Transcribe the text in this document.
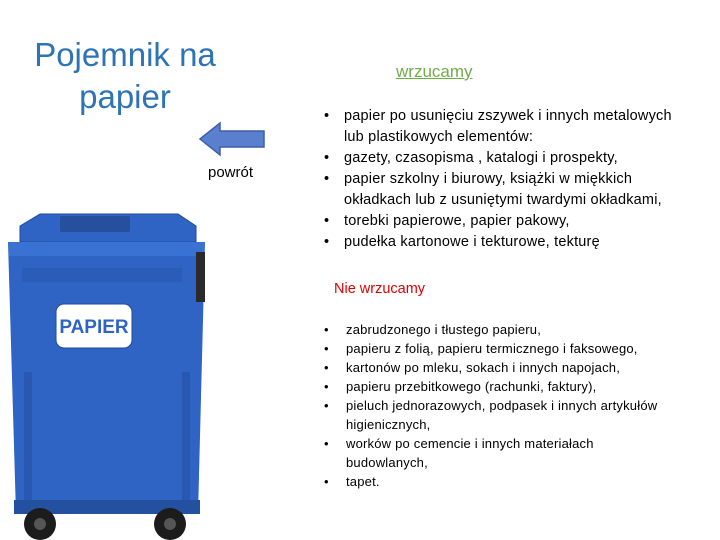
Pojemnik na papier
powrót
PAPIER
wrzucamy
• papier po usunięciu zszywek i innych metalowych lub plastikowych elementów:
• gazety, czasopisma , katalogi i prospekty,
• papier szkolny i biurowy, książki w miękkich okładkach lub z usuniętymi twardymi okładkami,
• torebki papierowe, papier pakowy,
• pudełka kartonowe i tekturowe, tekturę
Nie wrzucamy
• zabrudzonego i tłustego papieru,
• papieru z folią, papieru termicznego i faksowego,
• kartonów po mleku, sokach i innych napojach,
• papieru przebitkowego (rachunki, faktury),
• pieluch jednorazowych, podpasek i innych artykułów higienicznych,
• worków po cemencie i innych materiałach budowlanych,
• tapet.
